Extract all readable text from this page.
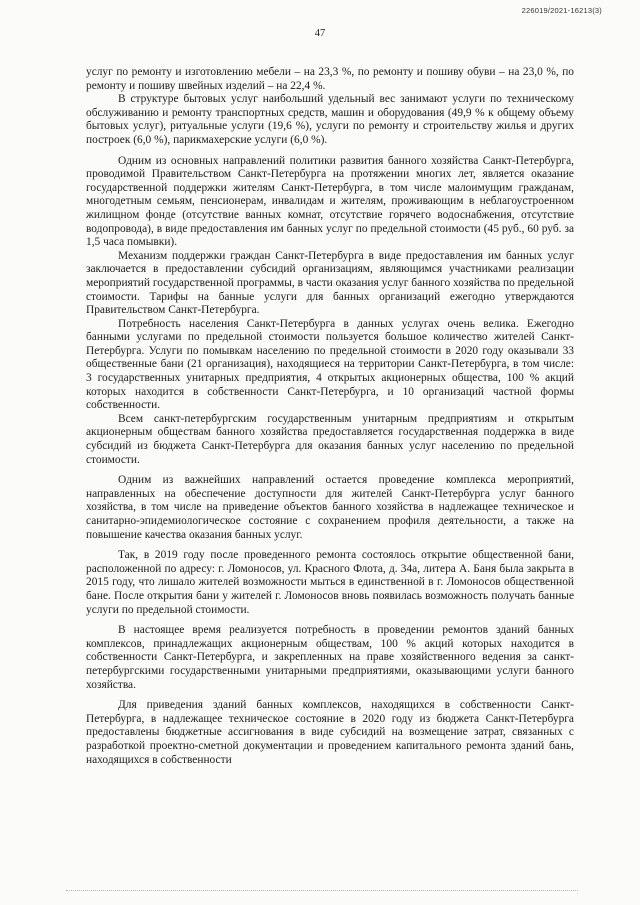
226019/2021-16213(3)
47

услуг по ремонту и изготовлению мебели – на 23,3 %, по ремонту и пошиву обуви – на 23,0 %, по ремонту и пошиву швейных изделий – на 22,4 %.

В структуре бытовых услуг наибольший удельный вес занимают услуги по техническому обслуживанию и ремонту транспортных средств, машин и оборудования (49,9 % к общему объему бытовых услуг), ритуальные услуги (19,6 %), услуги по ремонту и строительству жилья и других построек (6,0 %), парикмахерские услуги (6,0 %).

Одним из основных направлений политики развития банного хозяйства Санкт-Петербурга, проводимой Правительством Санкт-Петербурга на протяжении многих лет, является оказание государственной поддержки жителям Санкт-Петербурга, в том числе малоимущим гражданам, многодетным семьям, пенсионерам, инвалидам и жителям, проживающим в неблагоустроенном жилищном фонде (отсутствие ванных комнат, отсутствие горячего водоснабжения, отсутствие водопровода), в виде предоставления им банных услуг по предельной стоимости (45 руб., 60 руб. за 1,5 часа помывки).

Механизм поддержки граждан Санкт-Петербурга в виде предоставления им банных услуг заключается в предоставлении субсидий организациям, являющимся участниками реализации мероприятий государственной программы, в части оказания услуг банного хозяйства по предельной стоимости. Тарифы на банные услуги для банных организаций ежегодно утверждаются Правительством Санкт-Петербурга.

Потребность населения Санкт-Петербурга в данных услугах очень велика. Ежегодно банными услугами по предельной стоимости пользуется большое количество жителей Санкт-Петербурга. Услуги по помывкам населению по предельной стоимости в 2020 году оказывали 33 общественные бани (21 организация), находящиеся на территории Санкт-Петербурга, в том числе: 3 государственных унитарных предприятия, 4 открытых акционерных общества, 100 % акций которых находится в собственности Санкт-Петербурга, и 10 организаций частной формы собственности.

Всем санкт-петербургским государственным унитарным предприятиям и открытым акционерным обществам банного хозяйства предоставляется государственная поддержка в виде субсидий из бюджета Санкт-Петербурга для оказания банных услуг населению по предельной стоимости.

Одним из важнейших направлений остается проведение комплекса мероприятий, направленных на обеспечение доступности для жителей Санкт-Петербурга услуг банного хозяйства, в том числе на приведение объектов банного хозяйства в надлежащее техническое и санитарно-эпидемиологическое состояние с сохранением профиля деятельности, а также на повышение качества оказания банных услуг.

Так, в 2019 году после проведенного ремонта состоялось открытие общественной бани, расположенной по адресу: г. Ломоносов, ул. Красного Флота, д. 34а, литера А. Баня была закрыта в 2015 году, что лишало жителей возможности мыться в единственной в г. Ломоносов общественной бане. После открытия бани у жителей г. Ломоносов вновь появилась возможность получать банные услуги по предельной стоимости.

В настоящее время реализуется потребность в проведении ремонтов зданий банных комплексов, принадлежащих акционерным обществам, 100 % акций которых находится в собственности Санкт-Петербурга, и закрепленных на праве хозяйственного ведения за санкт-петербургскими государственными унитарными предприятиями, оказывающими услуги банного хозяйства.

Для приведения зданий банных комплексов, находящихся в собственности Санкт-Петербурга, в надлежащее техническое состояние в 2020 году из бюджета Санкт-Петербурга предоставлены бюджетные ассигнования в виде субсидий на возмещение затрат, связанных с разработкой проектно-сметной документации и проведением капитального ремонта зданий бань, находящихся в собственности
